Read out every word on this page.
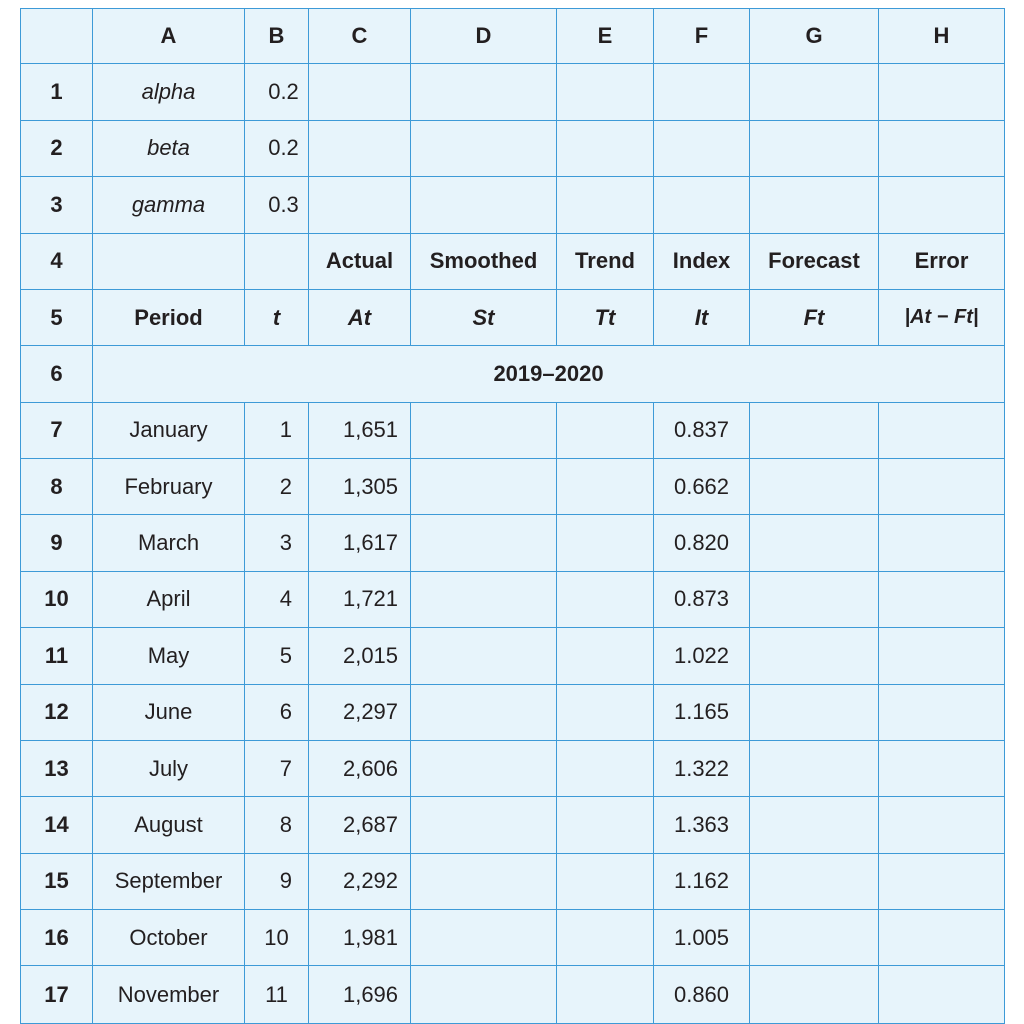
	A	B	C	D	E	F	G	H
1	alpha	0.2						
2	beta	0.2						
3	gamma	0.3						
4			Actual	Smoothed	Trend	Index	Forecast	Error
5	Period	t	At	St	Tt	It	Ft	|At − Ft|
6	2019–2020							
7	January	1	1,651			0.837		
8	February	2	1,305			0.662		
9	March	3	1,617			0.820		
10	April	4	1,721			0.873		
11	May	5	2,015			1.022		
12	June	6	2,297			1.165		
13	July	7	2,606			1.322		
14	August	8	2,687			1.363		
15	September	9	2,292			1.162		
16	October	10	1,981			1.005		
17	November	11	1,696			0.860		
